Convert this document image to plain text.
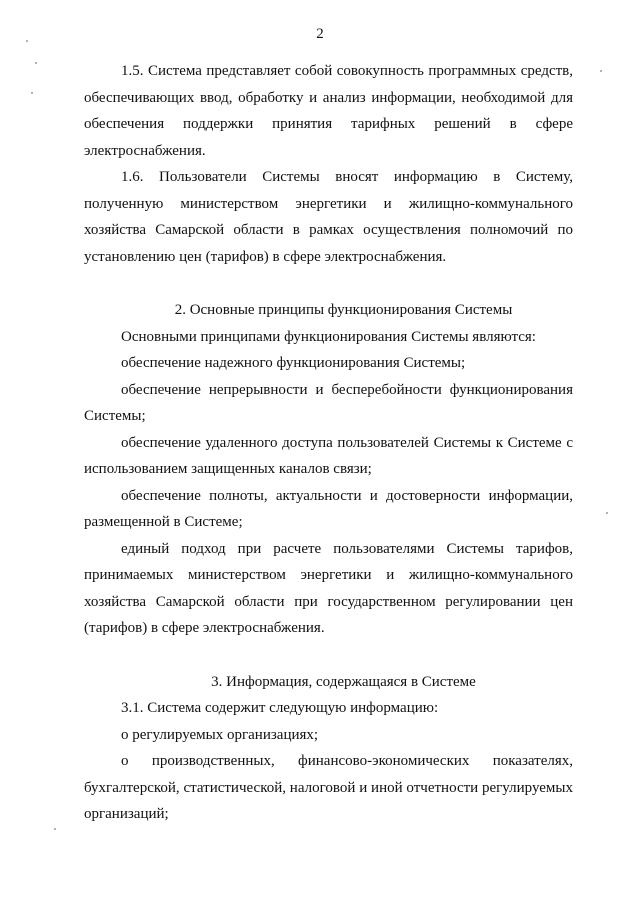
2

1.5. Система представляет собой совокупность программных средств, обеспечивающих ввод, обработку и анализ информации, необходимой для обеспечения поддержки принятия тарифных решений в сфере электроснабжения.

1.6. Пользователи Системы вносят информацию в Систему, полученную министерством энергетики и жилищно-коммунального хозяйства Самарской области в рамках осуществления полномочий по установлению цен (тарифов) в сфере электроснабжения.

2. Основные принципы функционирования Системы

Основными принципами функционирования Системы являются:

обеспечение надежного функционирования Системы;

обеспечение непрерывности и бесперебойности функционирования Системы;

обеспечение удаленного доступа пользователей Системы к Системе с использованием защищенных каналов связи;

обеспечение полноты, актуальности и достоверности информации, размещенной в Системе;

единый подход при расчете пользователями Системы тарифов, принимаемых министерством энергетики и жилищно-коммунального хозяйства Самарской области при государственном регулировании цен (тарифов) в сфере электроснабжения.

3. Информация, содержащаяся в Системе

3.1. Система содержит следующую информацию:

о регулируемых организациях;

о производственных, финансово-экономических показателях, бухгалтерской, статистической, налоговой и иной отчетности регулируемых организаций;
